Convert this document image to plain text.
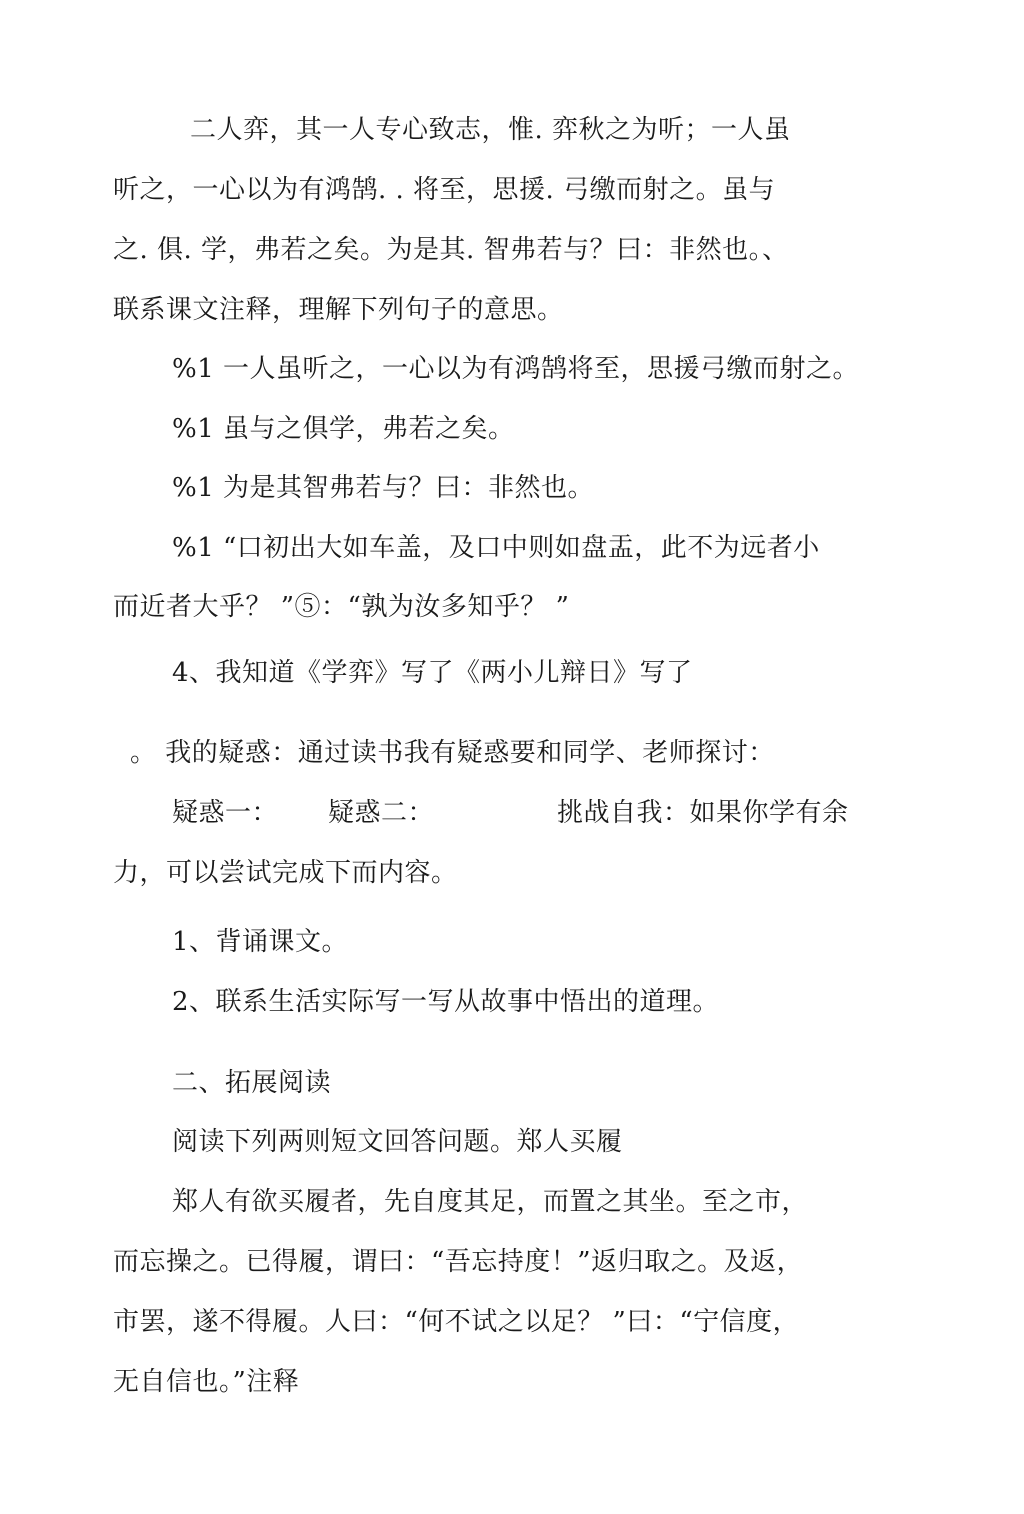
二人弈，其一人专心致志，惟. 弈秋之为听；一人虽
听之，一心以为有鸿鹄. . 将至，思援. 弓缴而射之。虽与
之. 俱. 学，弗若之矣。为是其. 智弗若与？曰：非然也。、
联系课文注释，理解下列句子的意思。
%1 一人虽听之，一心以为有鸿鹄将至，思援弓缴而射之。
%1 虽与之俱学，弗若之矣。
%1 为是其智弗若与？曰：非然也。
%1 “口初出大如车盖，及口中则如盘盂，此不为远者小
而近者大乎？ ”⑤：“孰为汝多知乎？ ”
4、我知道《学弈》写了《两小儿辩日》写了
。 我的疑惑：通过读书我有疑惑要和同学、老师探讨：
疑惑一： 疑惑二：	挑战自我：如果你学有余
力，可以尝试完成下而内容。
1、背诵课文。
2、联系生活实际写一写从故事中悟出的道理。
二、拓展阅读
阅读下列两则短文回答问题。郑人买履
郑人有欲买履者，先自度其足，而置之其坐。至之市，
而忘操之。已得履，谓曰：“吾忘持度！”返归取之。及返，
市罢，遂不得履。人曰：“何不试之以足？ ”曰：“宁信度，
无自信也。”注释
